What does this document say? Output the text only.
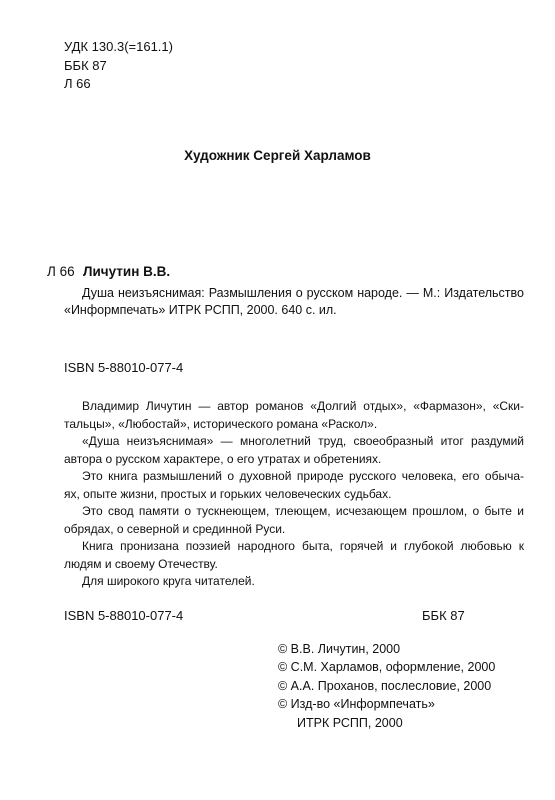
УДК 130.3(=161.1)
ББК 87
Л 66
Художник Сергей Харламов
Л 66 Личутин В.В.
Душа неизъяснимая: Размышления о русском народе. — М.: Издательство
«Информпечать» ИТРК РСПП, 2000. 640 с. ил.
ISBN 5-88010-077-4
Владимир Личутин — автор романов «Долгий отдых», «Фармазон», «Ски-
тальцы», «Любостай», исторического романа «Раскол».
«Душа неизъяснимая» — многолетний труд, своеобразный итог раздумий
автора о русском характере, о его утратах и обретениях.
Это книга размышлений о духовной природе русского человека, его обыча-
ях, опыте жизни, простых и горьких человеческих судьбах.
Это свод памяти о тускнеющем, тлеющем, исчезающем прошлом, о быте и
обрядах, о северной и срединной Руси.
Книга пронизана поэзией народного быта, горячей и глубокой любовью к
людям и своему Отечеству.
Для широкого круга читателей.
ISBN 5-88010-077-4	ББК 87
© В.В. Личутин, 2000
© С.М. Харламов, оформление, 2000
© А.А. Проханов, послесловие, 2000
© Изд-во «Информпечать»
ИТРК РСПП, 2000
